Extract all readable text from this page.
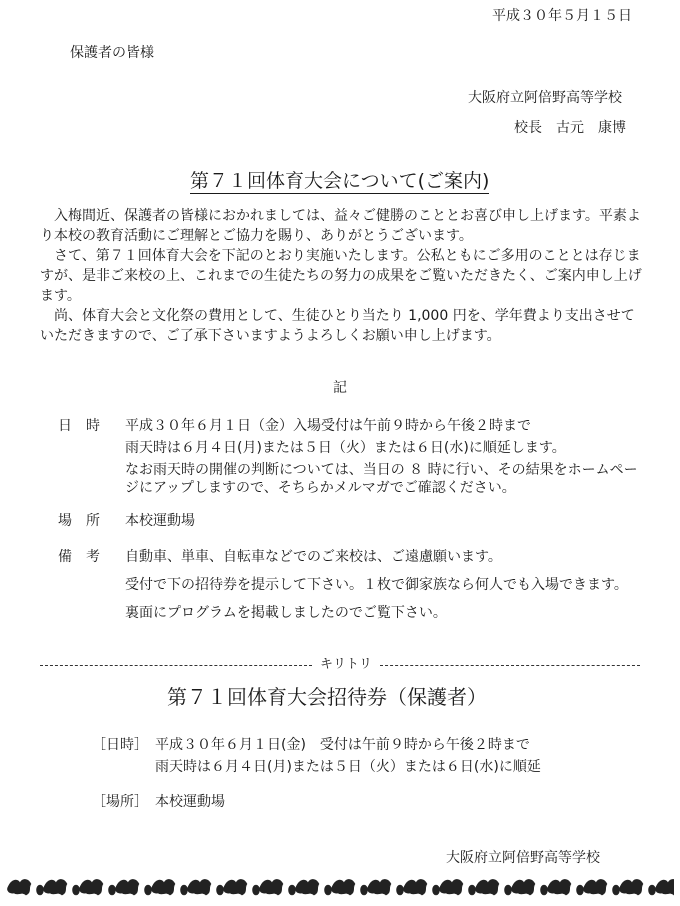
平成３０年５月１５日
保護者の皆様
大阪府立阿倍野高等学校
校長　古元　康博
第７１回体育大会について(ご案内)

入梅間近、保護者の皆様におかれましては、益々ご健勝のこととお喜び申し上げます。平素より本校の教育活動にご理解とご協力を賜り、ありがとうございます。

さて、第７１回体育大会を下記のとおり実施いたします。公私ともにご多用のこととは存じますが、是非ご来校の上、これまでの生徒たちの努力の成果をご覧いただきたく、ご案内申し上げます。

尚、体育大会と文化祭の費用として、生徒ひとり当たり 1,000 円を、学年費より支出させていただきますので、ご了承下さいますようよろしくお願い申し上げます。

記
日　時 平成３０年６月１日（金）入場受付は午前９時から午後２時まで
雨天時は６月４日(月)または５日（火）または６日(水)に順延します。
なお雨天時の開催の判断については、当日の ８ 時に行い、その結果をホームペー
ジにアップしますので、そちらかメルマガでご確認ください。
場　所 本校運動場
備　考 自動車、単車、自転車などでのご来校は、ご遠慮願います。
受付で下の招待券を提示して下さい。１枚で御家族なら何人でも入場できます。
裏面にプログラムを掲載しましたのでご覧下さい。
キリトリ
第７１回体育大会招待券（保護者）
［日時］ 平成３０年６月１日(金)　受付は午前９時から午後２時まで
雨天時は６月４日(月)または５日（火）または６日(水)に順延
［場所］ 本校運動場
大阪府立阿倍野高等学校
